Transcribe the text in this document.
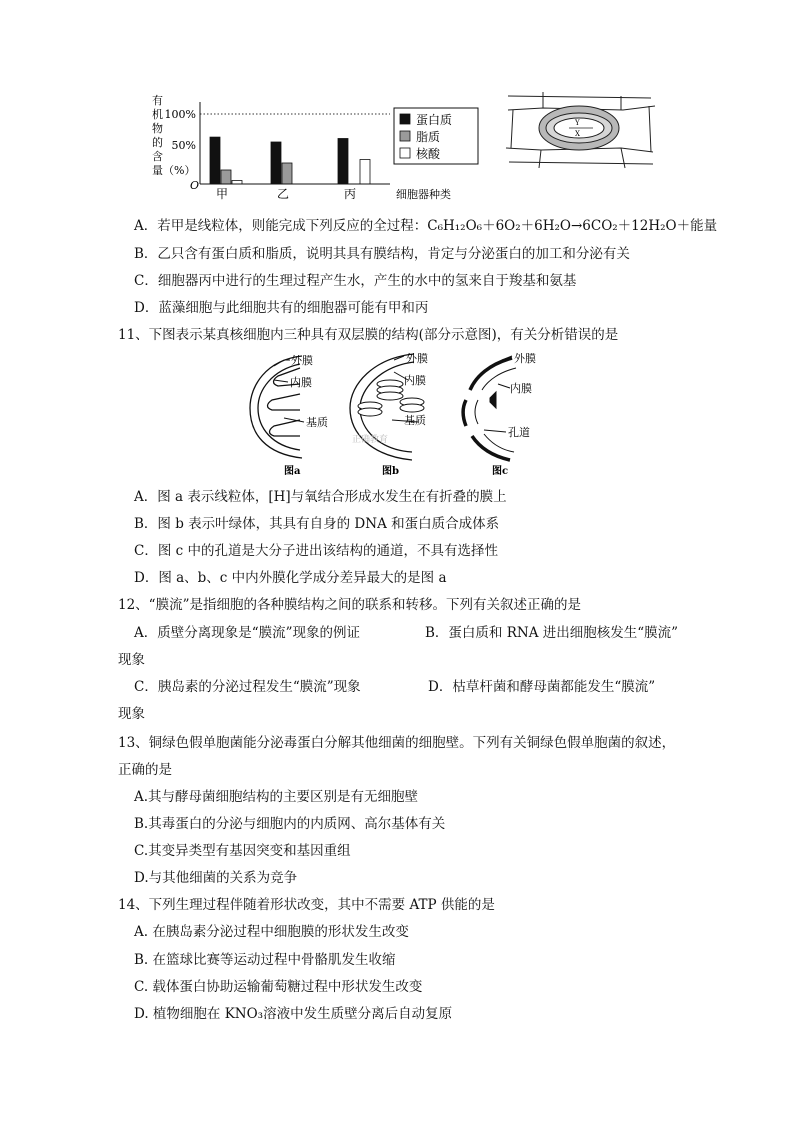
有机物的含量（%）
100%
50%
O
甲	乙	丙	细胞器种类
蛋白质
脂质
核酸
Y
X
A．若甲是线粒体，则能完成下列反应的全过程：C₆H₁₂O₆＋6O₂＋6H₂O→6CO₂＋12H₂O＋能量
B．乙只含有蛋白质和脂质，说明其具有膜结构，肯定与分泌蛋白的加工和分泌有关
C．细胞器丙中进行的生理过程产生水，产生的水中的氢来自于羧基和氨基
D．蓝藻细胞与此细胞共有的细胞器可能有甲和丙
11、下图表示某真核细胞内三种具有双层膜的结构(部分示意图)，有关分析错误的是
外膜
内膜
基质
图a
外膜
内膜
基质
图b
外膜
内膜
孔道
图c
正确教育
A．图 a 表示线粒体，[H]与氧结合形成水发生在有折叠的膜上
B．图 b 表示叶绿体，其具有自身的 DNA 和蛋白质合成体系
C．图 c 中的孔道是大分子进出该结构的通道，不具有选择性
D．图 a、b、c 中内外膜化学成分差异最大的是图 a
12、“膜流”是指细胞的各种膜结构之间的联系和转移。下列有关叙述正确的是
A．质壁分离现象是“膜流”现象的例证	B．蛋白质和 RNA 进出细胞核发生“膜流”
现象
C．胰岛素的分泌过程发生“膜流”现象	D．枯草杆菌和酵母菌都能发生“膜流”
现象
13、铜绿色假单胞菌能分泌毒蛋白分解其他细菌的细胞壁。下列有关铜绿色假单胞菌的叙述，
正确的是
A.其与酵母菌细胞结构的主要区别是有无细胞壁
B.其毒蛋白的分泌与细胞内的内质网、高尔基体有关
C.其变异类型有基因突变和基因重组
D.与其他细菌的关系为竞争
14、下列生理过程伴随着形状改变，其中不需要 ATP 供能的是
A. 在胰岛素分泌过程中细胞膜的形状发生改变
B. 在篮球比赛等运动过程中骨骼肌发生收缩
C. 载体蛋白协助运输葡萄糖过程中形状发生改变
D. 植物细胞在 KNO₃溶液中发生质壁分离后自动复原
